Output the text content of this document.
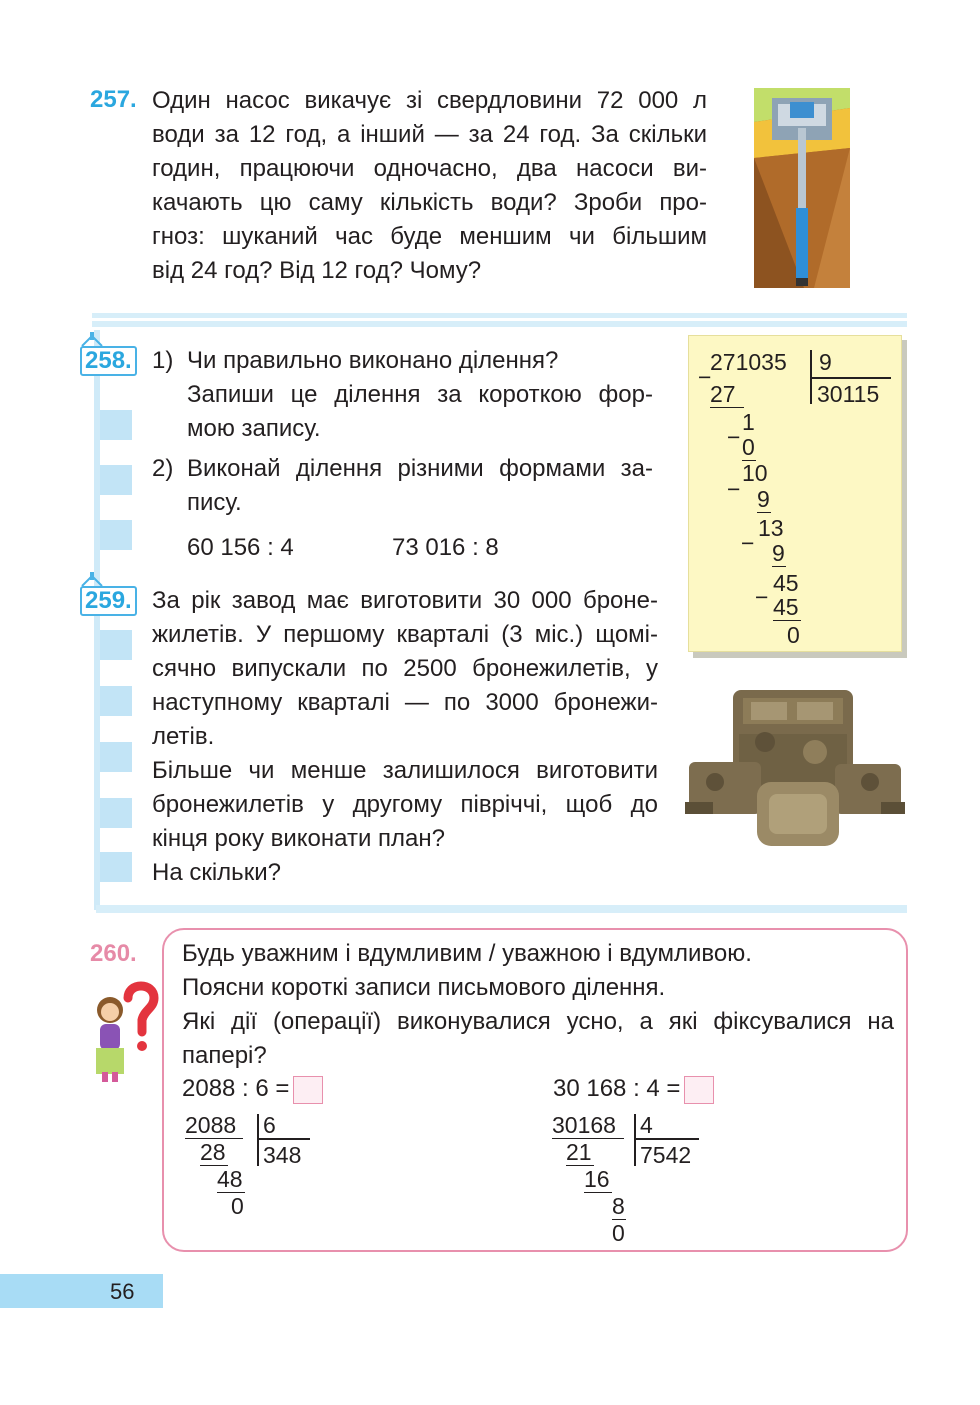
257. Один насос викачує зі свердловини 72 000 л
води за 12 год, а інший — за 24 год. За скільки
годин, працюючи одночасно, два насоси ви-
качають цю саму кількість води? Зроби про-
гноз: шуканий час буде меншим чи більшим
від 24 год? Від 12 год? Чому?
258. 1) Чи правильно виконано ділення?
Запиши це ділення за короткою фор-
мою запису.
2) Виконай ділення різними формами за-
пису.
60 156 : 4	73 016 : 8
271035 9
30115
−
27
1
− 0
10
− 9
13
− 9
45
− 45
0
259. За рік завод має виготовити 30 000 броне-
жилетів. У першому кварталі (3 міс.) щомі-
сячно випускали по 2500 бронежилетів, у
наступному кварталі — по 3000 бронежи-
летів.
Більше чи менше залишилося виготовити
бронежилетів у другому півріччі, щоб до
кінця року виконати план?
На скільки?
260. Будь уважним і вдумливим / уважною і вдумливою.
Поясни короткі записи письмового ділення.
Які дії (операції) виконувалися усно, а які фіксувалися на
папері?
2088 : 6 =	30 168 : 4 =
2088 6
348
28
48
0
30168	4
7542
21
16
8
0
56
